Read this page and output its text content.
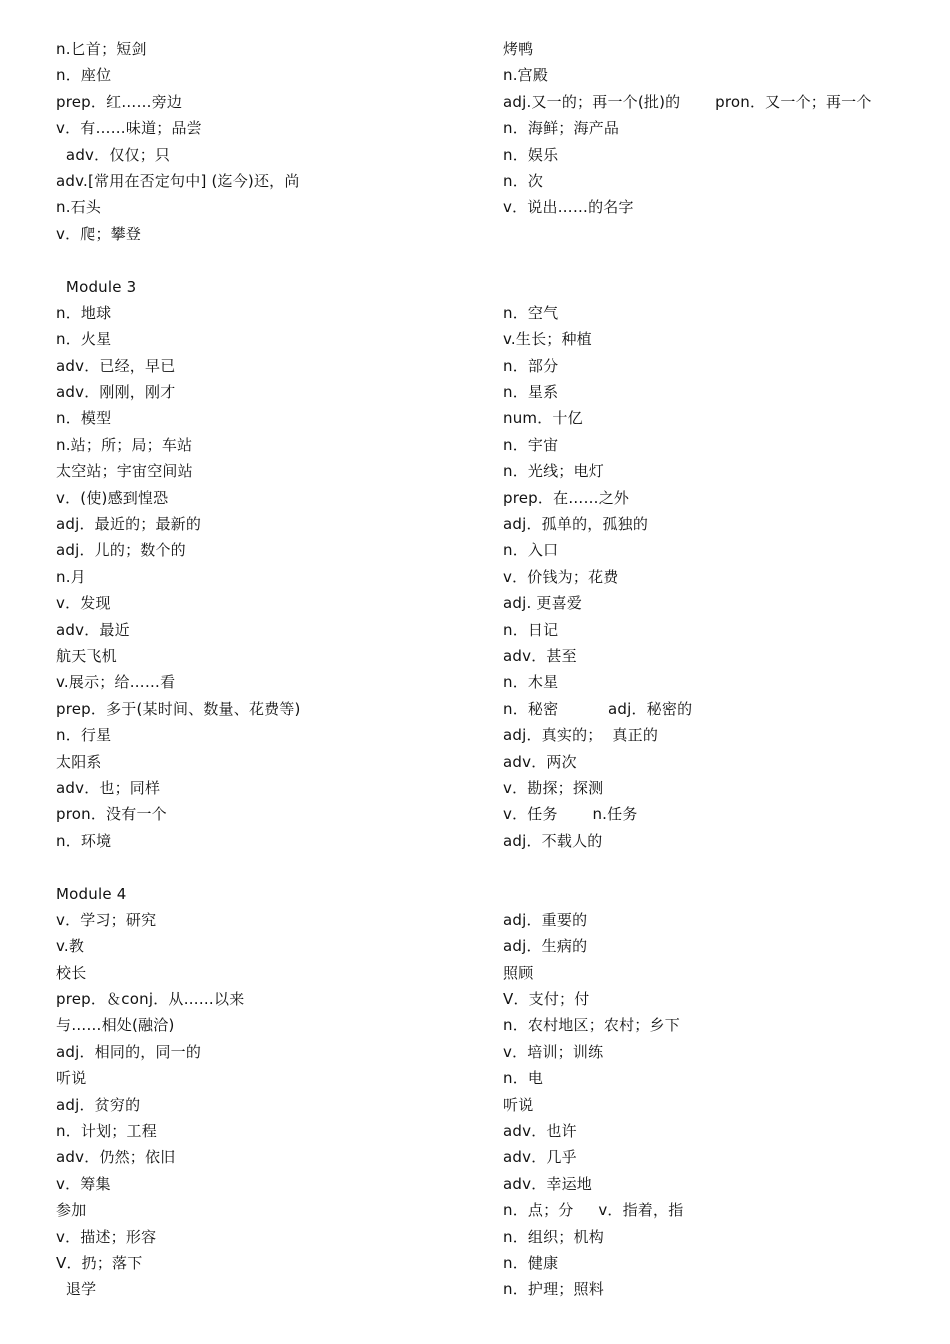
n.匕首；短剑
n．座位
prep．红……旁边
v．有……味道；品尝
adv．仅仅；只
adv.[常用在否定句中] (迄今)还，尚
n.石头
v．爬；攀登
Module 3
n．地球
n．火星
adv．已经，早已
adv．刚刚，刚才
n．模型
n.站；所；局；车站
太空站；宇宙空间站
v．(使)感到惶恐
adj．最近的；最新的
adj．儿的；数个的
n.月
v．发现
adv．最近
航天飞机
v.展示；给……看
prep．多于(某时间、数量、花费等)
n．行星
太阳系
adv．也；同样
pron．没有一个
n．环境
Module 4
v．学习；研究
v.教
校长
prep．＆conj．从……以来
与……相处(融洽)
adj．相同的，同一的
听说
adj．贫穷的
n．计划；工程
adv．仍然；依旧
v．筹集
参加
v．描述；形容
V．扔；落下
退学
烤鸭
n.宫殿
adj.又一的；再一个(批)的       pron．又一个；再一个
n．海鲜；海产品
n．娱乐
n．次
v．说出……的名字
n．空气
v.生长；种植
n．部分
n．星系
num．十亿
n．宇宙
n．光线；电灯
prep．在……之外
adj．孤单的，孤独的
n．入口
v．价钱为；花费
adj. 更喜爱
n．日记
adv．甚至
n．木星
n．秘密          adj．秘密的
adj．真实的；  真正的
adv．两次
v．勘探；探测
v．任务       n.任务
adj．不载人的
adj．重要的
adj．生病的
照顾
V．支付；付
n．农村地区；农村；乡下
v．培训；训练
n．电
听说
adv．也许
adv．几乎
adv．幸运地
n．点；分     v．指着，指
n．组织；机构
n．健康
n．护理；照料
